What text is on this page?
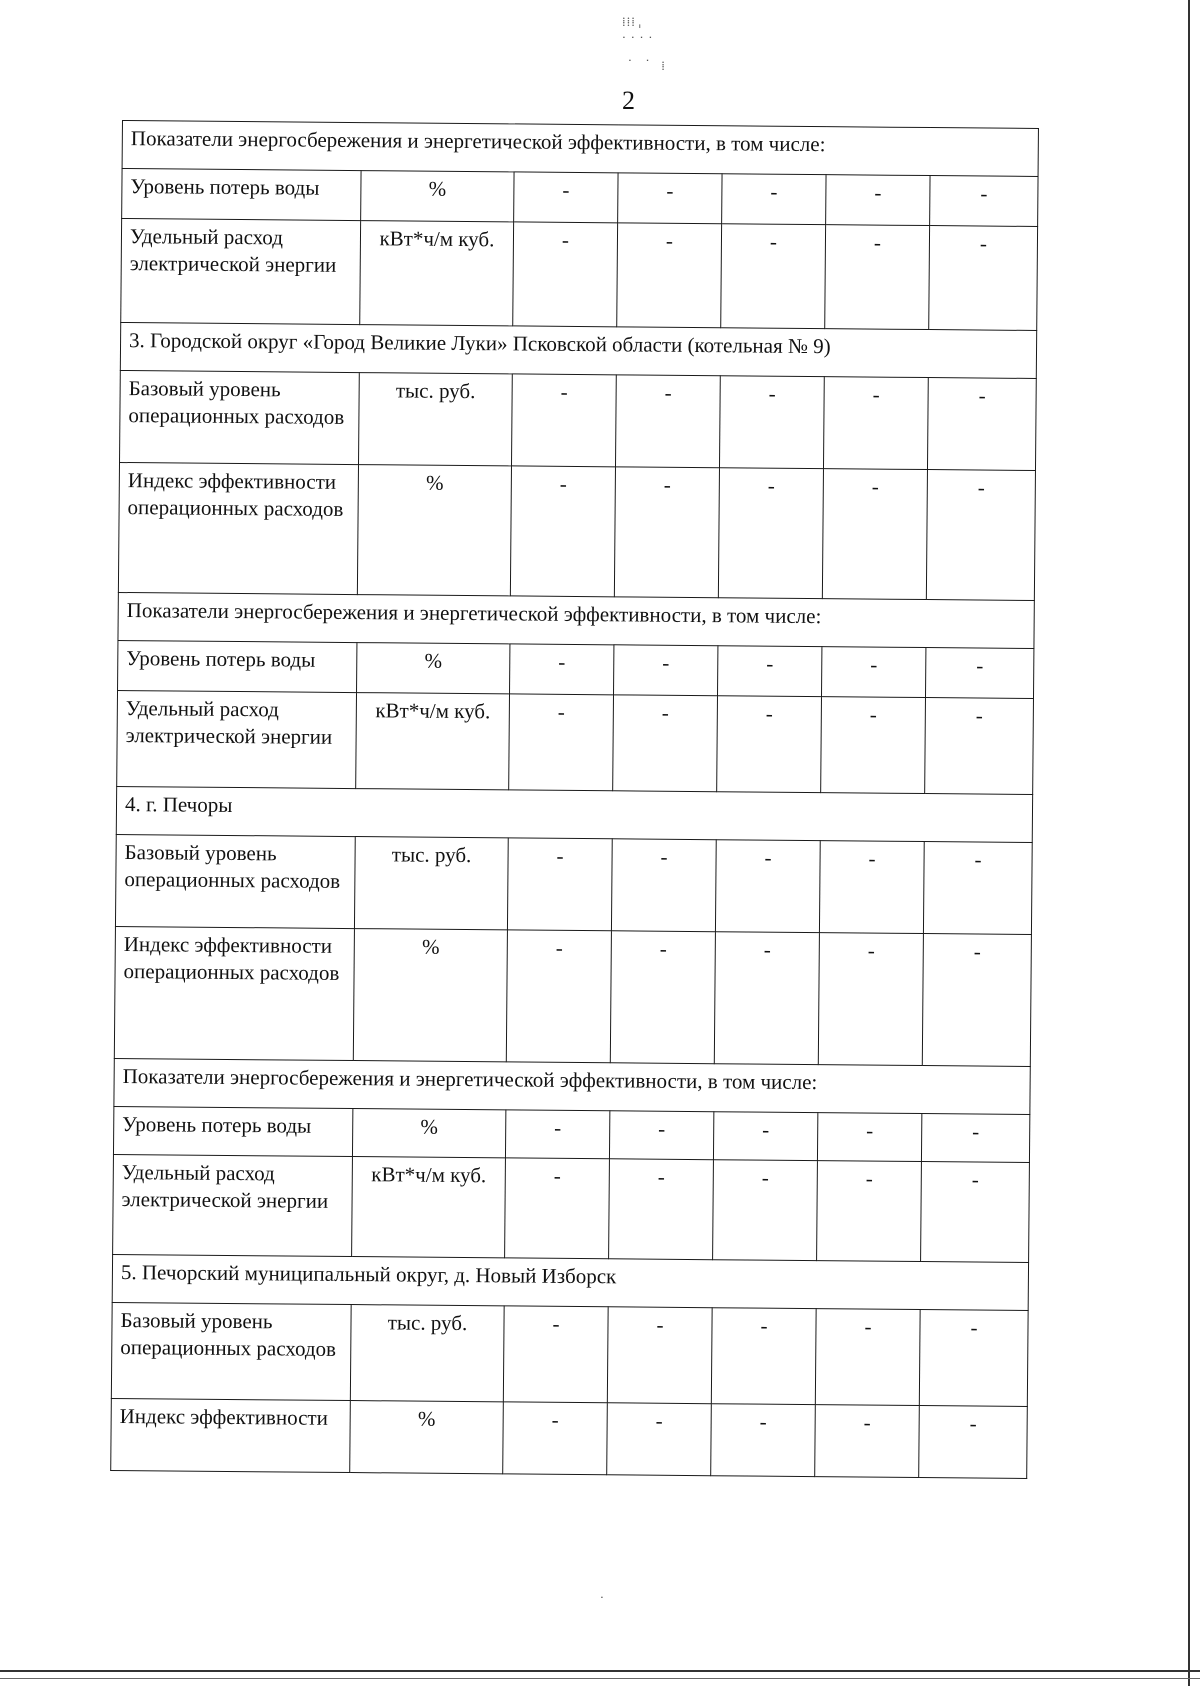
⁞⁞⁞ˌ
˙˙˙˙
˙ ˙ ⁞
2
Показатели энергосбережения и энергетической эффективности, в том числе:						
Уровень потерь воды	%	-	-	-	-	-
Удельный расход электрической энергии	кВт*ч/м куб.	-	-	-	-	-
3. Городской округ «Город Великие Луки» Псковской области (котельная № 9)						
Базовый уровень операционных расходов	тыс. руб.	-	-	-	-	-
Индекс эффективности операционных расходов	%	-	-	-	-	-
Показатели энергосбережения и энергетической эффективности, в том числе:						
Уровень потерь воды	%	-	-	-	-	-
Удельный расход электрической энергии	кВт*ч/м куб.	-	-	-	-	-
4. г. Печоры						
Базовый уровень операционных расходов	тыс. руб.	-	-	-	-	-
Индекс эффективности операционных расходов	%	-	-	-	-	-
Показатели энергосбережения и энергетической эффективности, в том числе:						
Уровень потерь воды	%	-	-	-	-	-
Удельный расход электрической энергии	кВт*ч/м куб.	-	-	-	-	-
5. Печорский муниципальный округ, д. Новый Изборск						
Базовый уровень операционных расходов	тыс. руб.	-	-	-	-	-
Индекс эффективности	%	-	-	-	-	-
˙
